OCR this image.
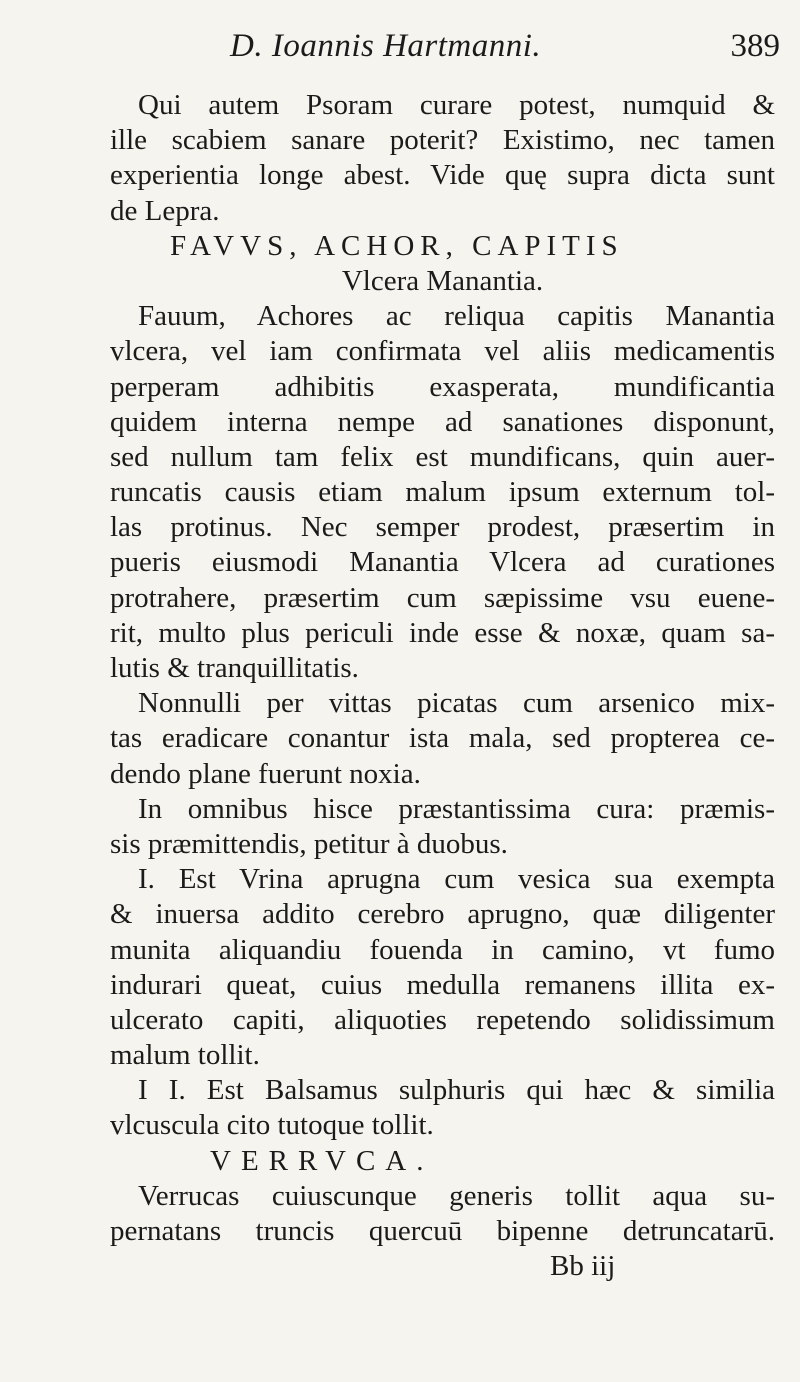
D. Ioannis Hartmanni.	389
Qui autem Psoram curare potest, numquid &
ille scabiem sanare poterit? Existimo, nec tamen
experientia longe abest. Vide quę supra dicta sunt
de Lepra.
FAVVS, ACHOR, CAPITIS
Vlcera Manantia.
Fauum, Achores ac reliqua capitis Manantia
vlcera, vel iam confirmata vel aliis medicamentis
perperam adhibitis exasperata, mundificantia
quidem interna nempe ad sanationes disponunt,
sed nullum tam felix est mundificans, quin auer-
runcatis causis etiam malum ipsum externum tol-
las protinus. Nec semper prodest, præsertim in
pueris eiusmodi Manantia Vlcera ad curationes
protrahere, præsertim cum sæpissime vsu euene-
rit, multo plus periculi inde esse & noxæ, quam sa-
lutis & tranquillitatis.
Nonnulli per vittas picatas cum arsenico mix-
tas eradicare conantur ista mala, sed propterea ce-
dendo plane fuerunt noxia.
In omnibus hisce præstantissima cura: præmis-
sis præmittendis, petitur à duobus.
I. Est Vrina aprugna cum vesica sua exempta
& inuersa addito cerebro aprugno, quæ diligenter
munita aliquandiu fouenda in camino, vt fumo
indurari queat, cuius medulla remanens illita ex-
ulcerato capiti, aliquoties repetendo solidissimum
malum tollit.
I I. Est Balsamus sulphuris qui hæc & similia
vlcuscula cito tutoque tollit.
VERRVCA.
Verrucas cuiuscunque generis tollit aqua su-
pernatans truncis quercuū bipenne detruncatarū.
Bb iij
